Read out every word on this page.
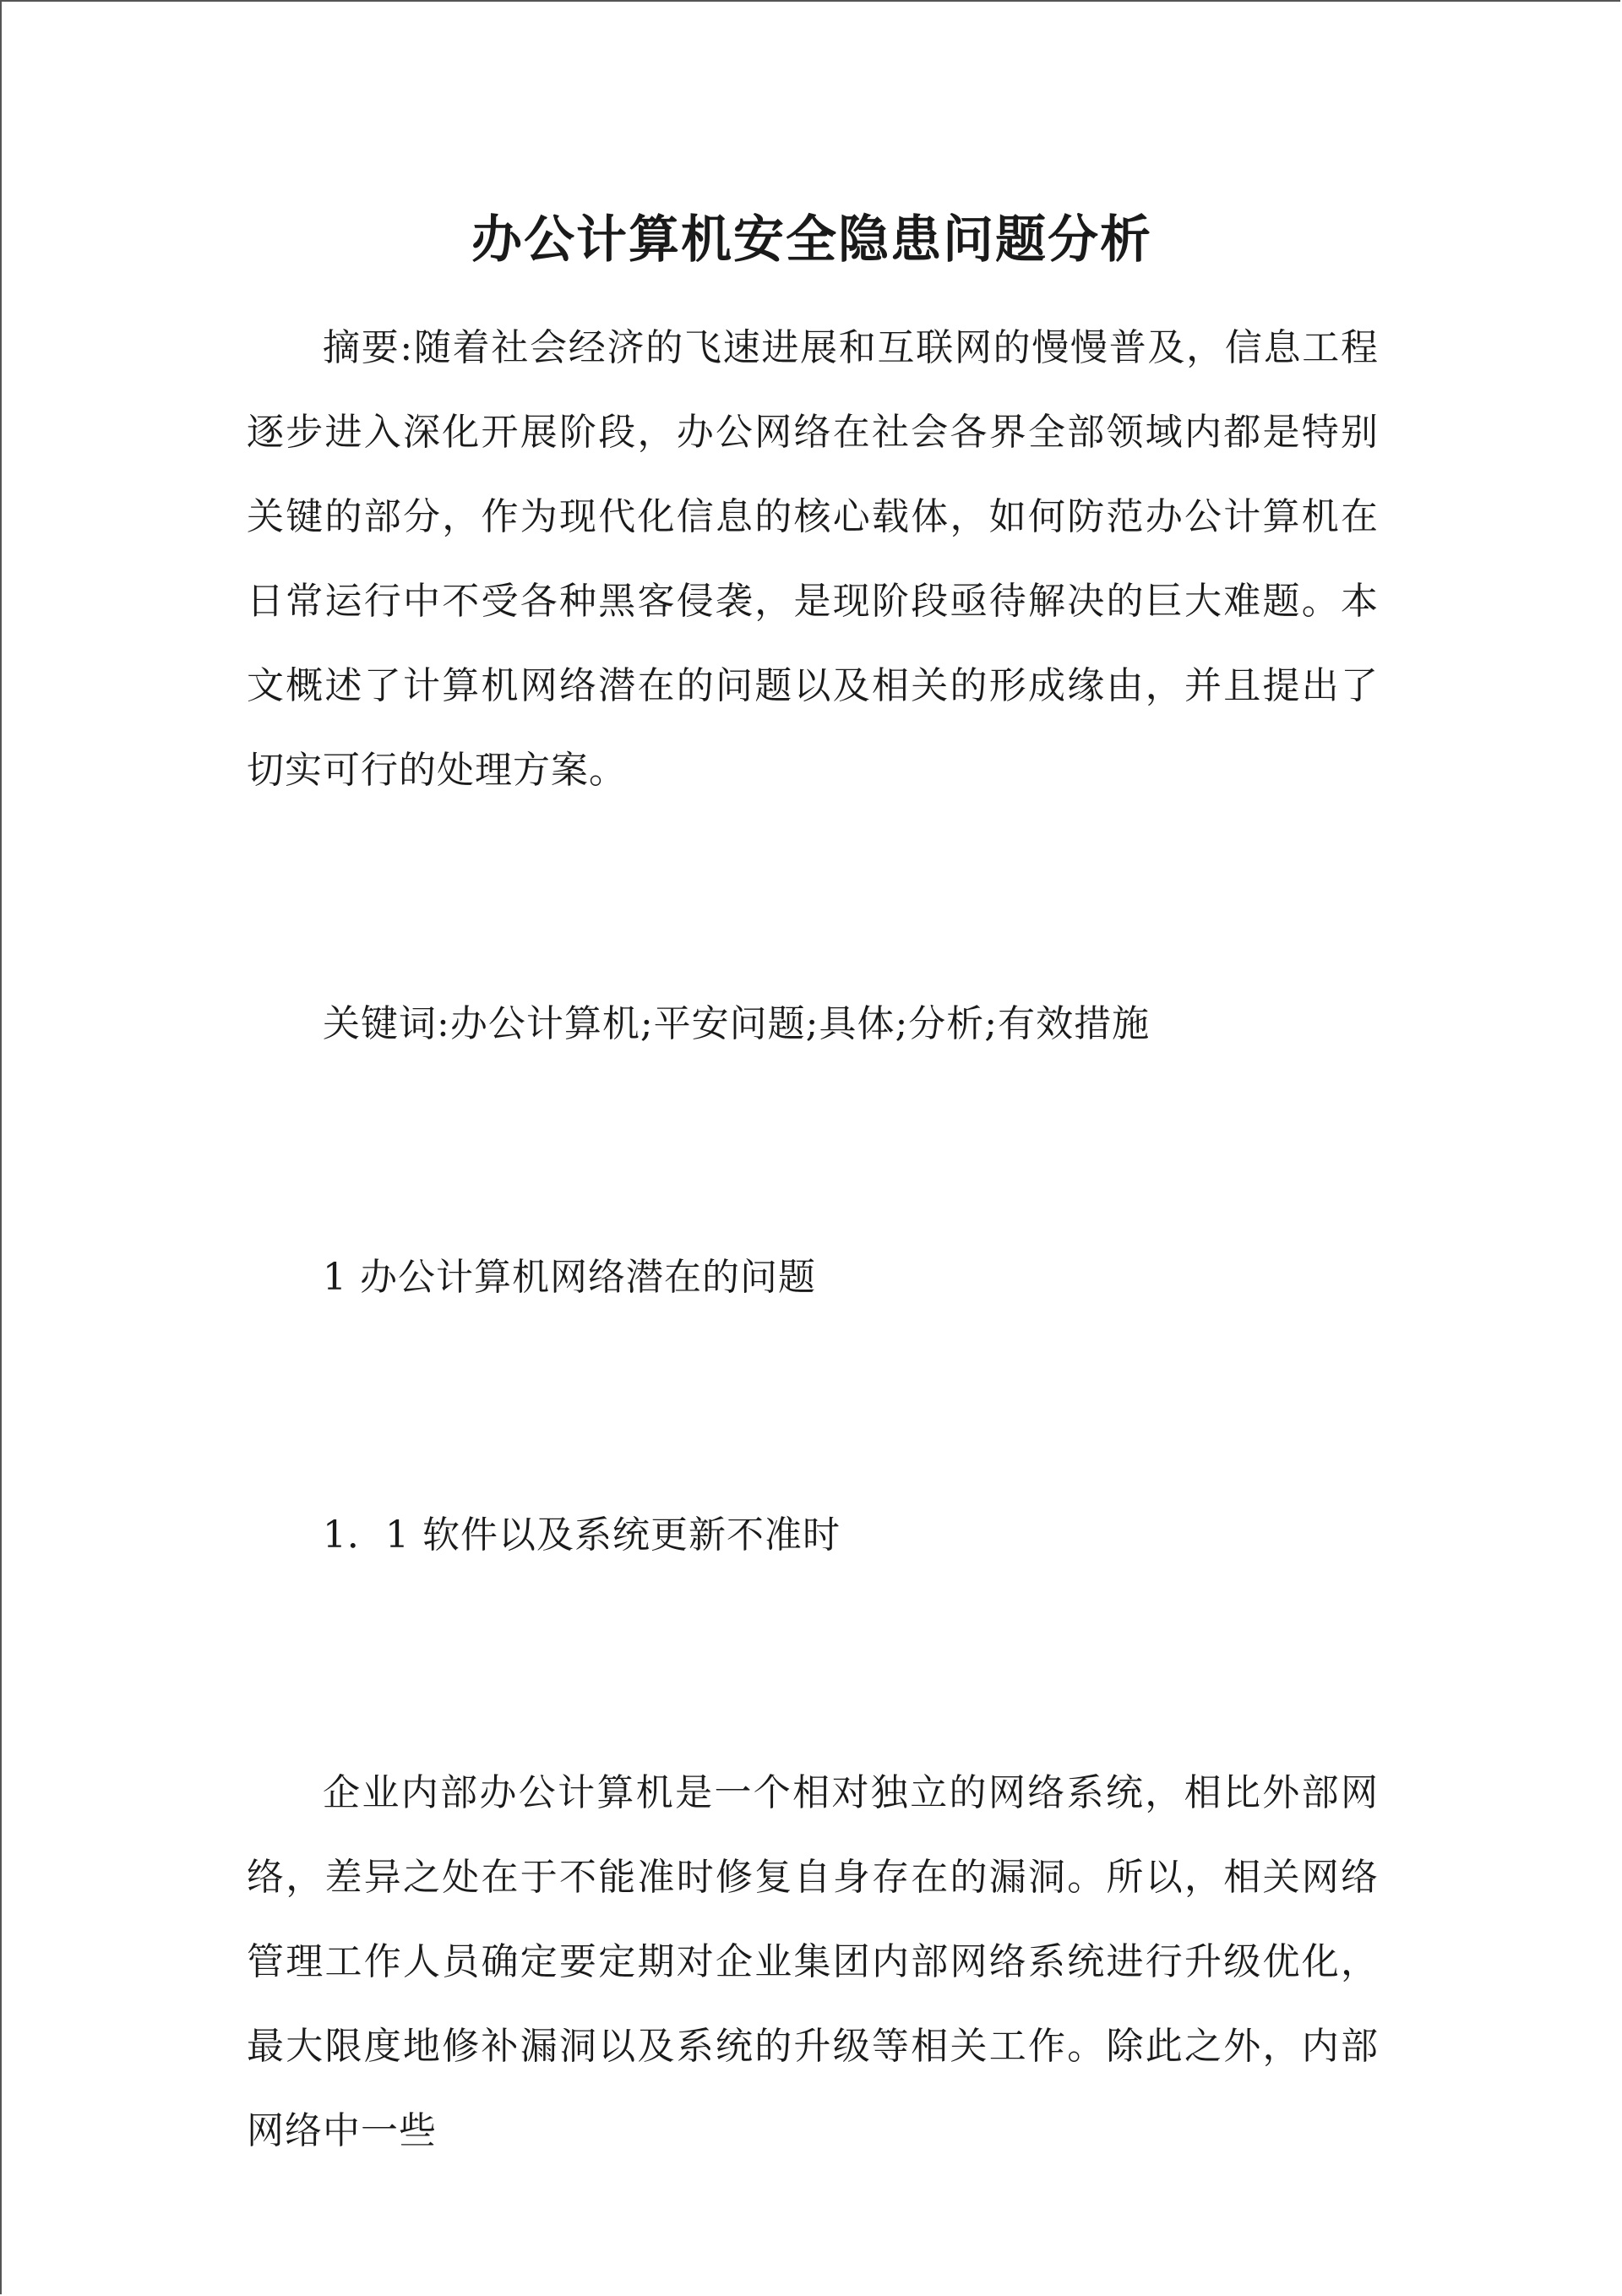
办公计算机安全隐患问题分析

摘要:随着社会经济的飞速进展和互联网的慢慢普及，信息工程逐步进入深化开展阶段，办公网络在社会各界全部领域内都是特别关键的部分，作为现代化信息的核心载体，如何防范办公计算机在日常运行中不受各种黑客侵袭，是现阶段亟待解决的巨大难题。本文概述了计算机网络潜在的问题以及相关的形成缘由，并且提出了切实可行的处理方案。

关键词:办公计算机;平安问题;具体;分析;有效措施

1 办公计算机网络潜在的问题

1．1 软件以及系统更新不准时

企业内部办公计算机是一个相对独立的网络系统，相比外部网络，差异之处在于不能准时修复自身存在的漏洞。所以，相关网络管理工作人员确定要定期对企业集团内部网络系统进行升级优化，最大限度地修补漏洞以及系统的升级等相关工作。除此之外，内部网络中一些
